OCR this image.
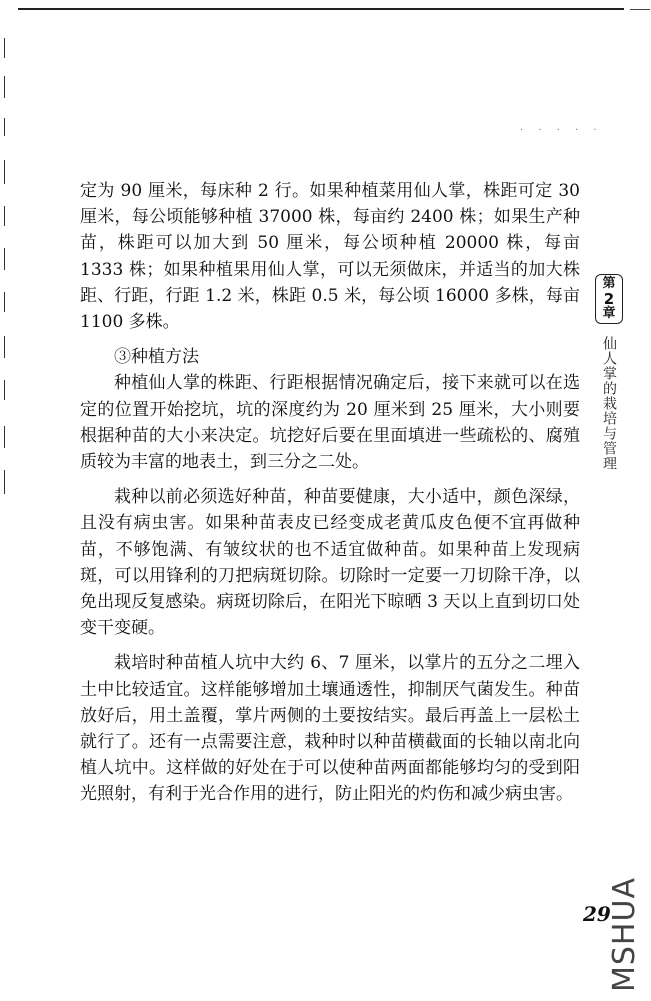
. . . . .

定为 90 厘米，每床种 2 行。如果种植菜用仙人掌，株距可定 30 厘米，每公顷能够种植 37000 株，每亩约 2400 株；如果生产种苗，株距可以加大到 50 厘米，每公顷种植 20000 株，每亩 1333 株；如果种植果用仙人掌，可以无须做床，并适当的加大株距、行距，行距 1.2 米，株距 0.5 米，每公顷 16000 多株，每亩 1100 多株。

③种植方法

种植仙人掌的株距、行距根据情况确定后，接下来就可以在选定的位置开始挖坑，坑的深度约为 20 厘米到 25 厘米，大小则要根据种苗的大小来决定。坑挖好后要在里面填进一些疏松的、腐殖质较为丰富的地表土，到三分之二处。

栽种以前必须选好种苗，种苗要健康，大小适中，颜色深绿，且没有病虫害。如果种苗表皮已经变成老黄瓜皮色便不宜再做种苗，不够饱满、有皱纹状的也不适宜做种苗。如果种苗上发现病斑，可以用锋利的刀把病斑切除。切除时一定要一刀切除干净，以免出现反复感染。病斑切除后，在阳光下晾晒 3 天以上直到切口处变干变硬。

栽培时种苗植人坑中大约 6、7 厘米，以掌片的五分之二埋入土中比较适宜。这样能够增加土壤通透性，抑制厌气菌发生。种苗放好后，用土盖覆，掌片两侧的土要按结实。最后再盖上一层松土就行了。还有一点需要注意，栽种时以种苗横截面的长轴以南北向植人坑中。这样做的好处在于可以使种苗两面都能够均匀的受到阳光照射，有利于光合作用的进行，防止阳光的灼伤和减少病虫害。

第
2
章
仙人掌的栽培与管理
29
MSHUA
